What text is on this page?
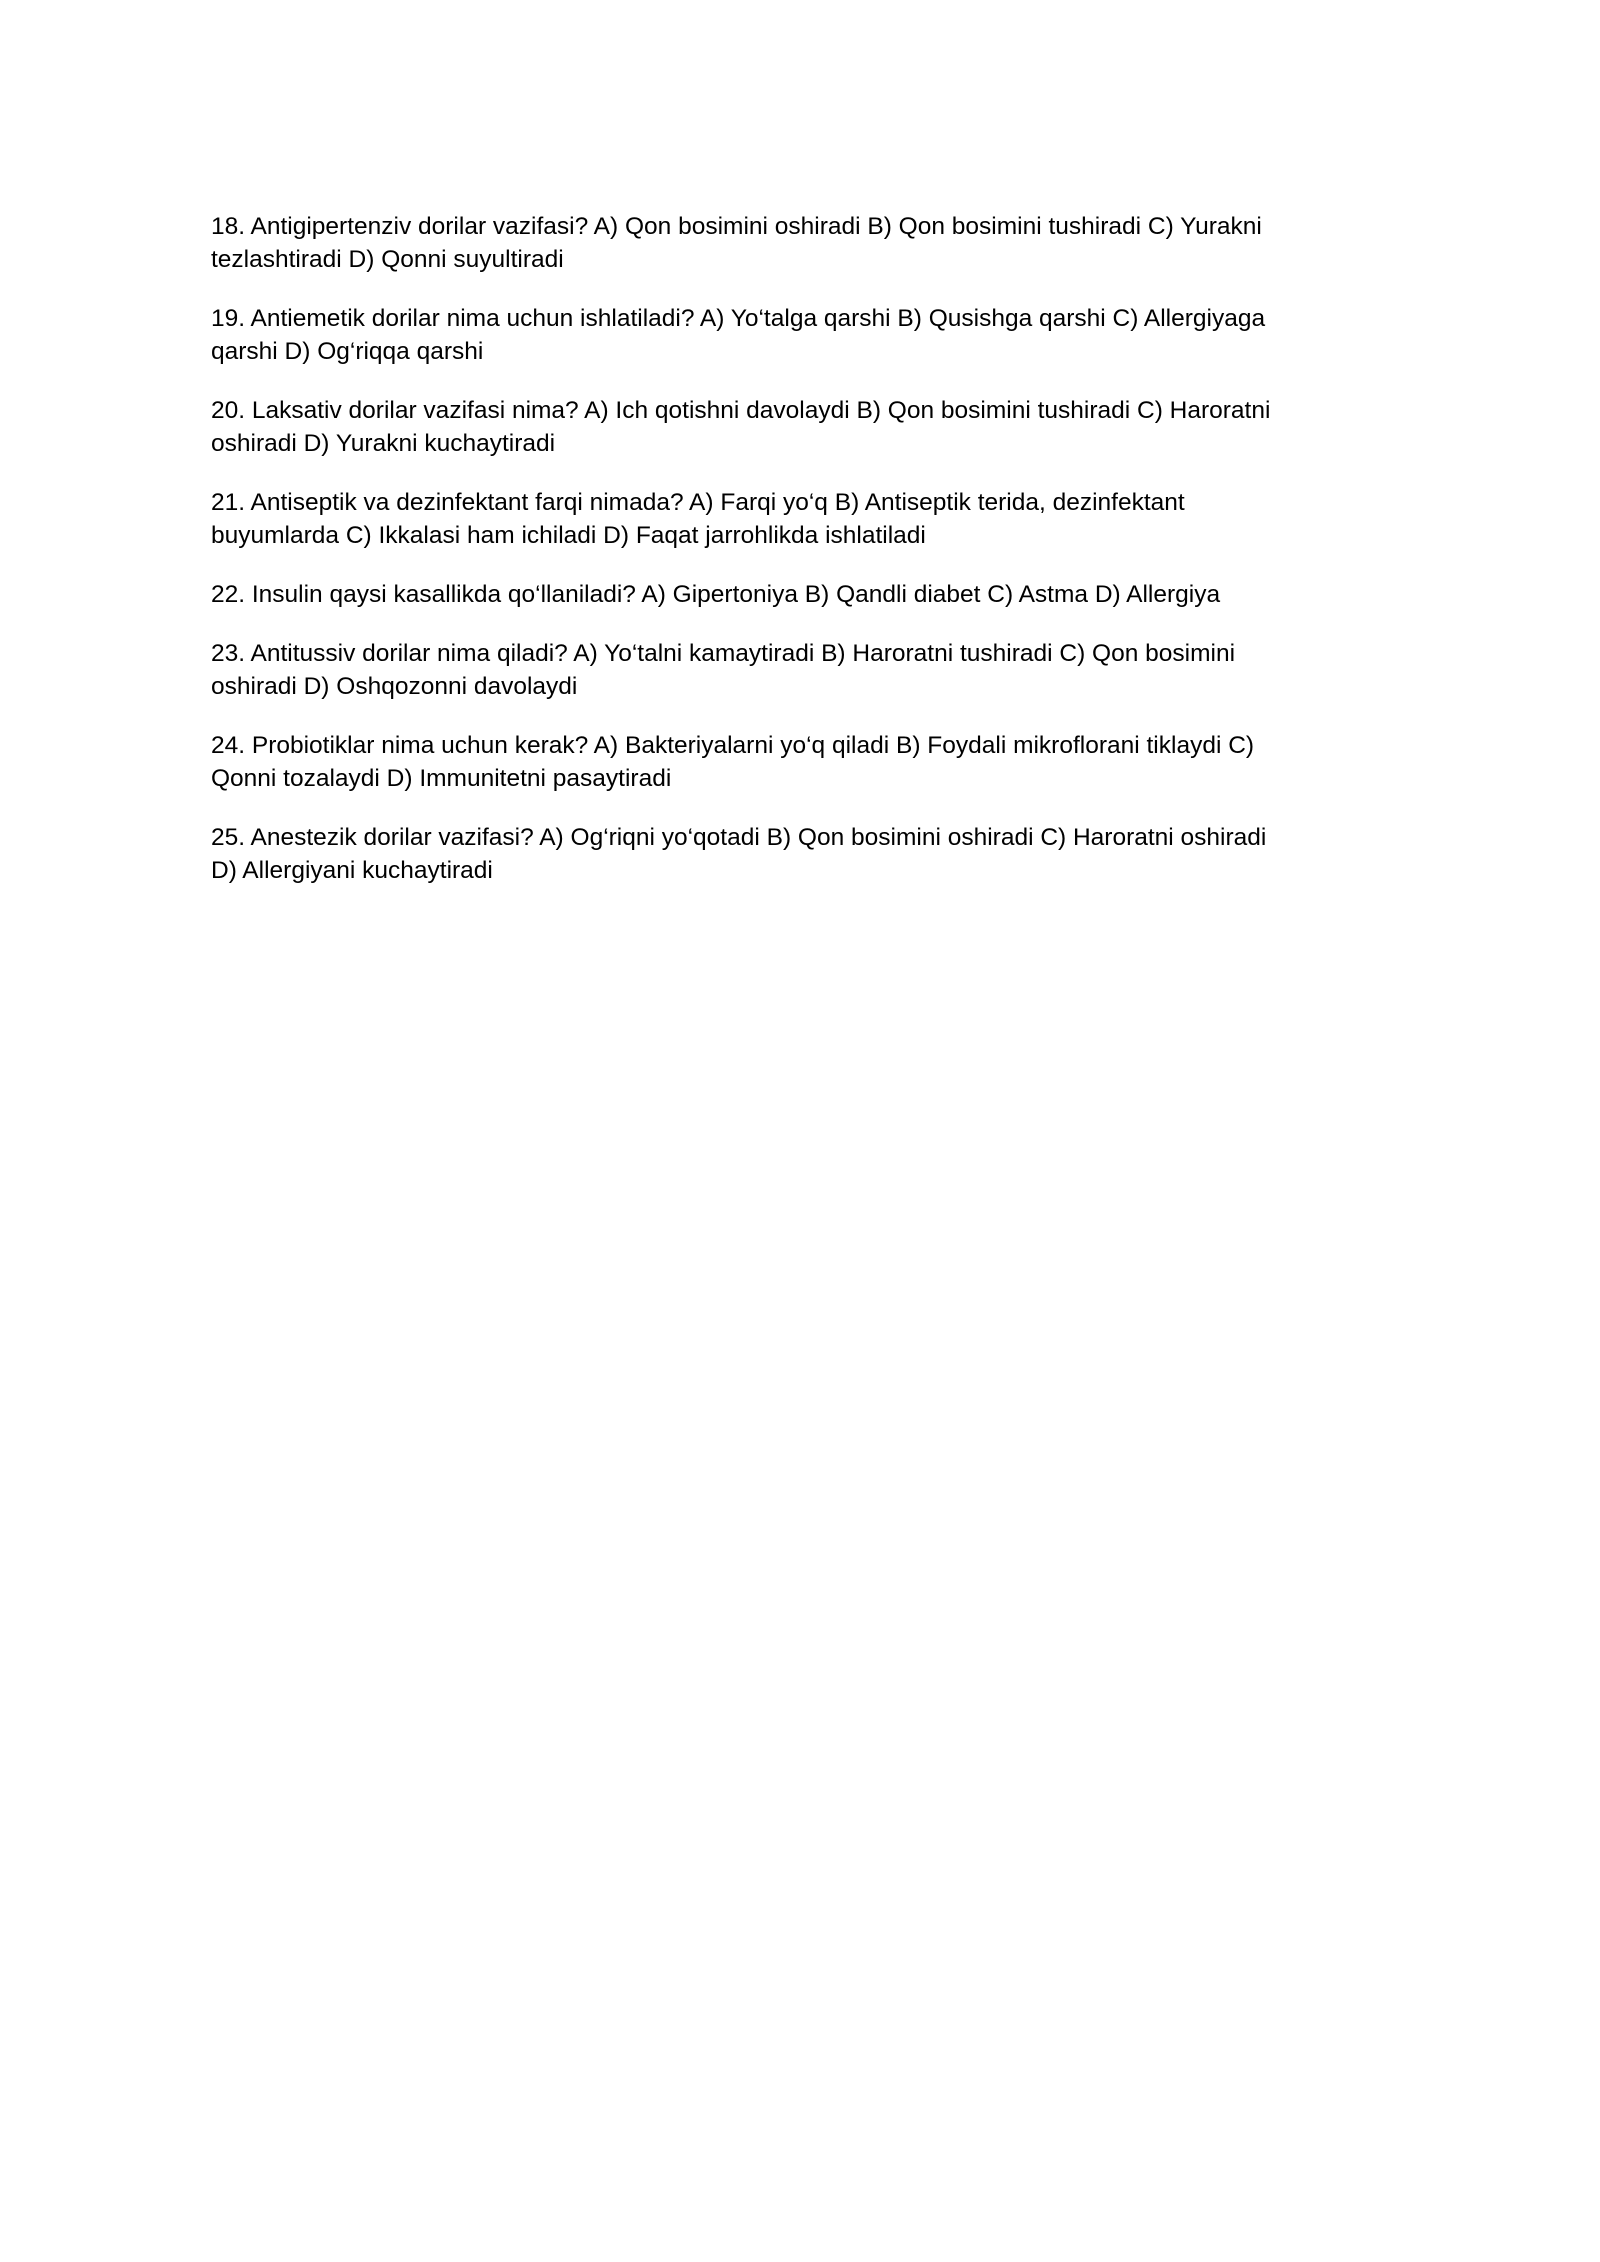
18. Antigipertenziv dorilar vazifasi? A) Qon bosimini oshiradi B) Qon bosimini tushiradi C) Yurakni
tezlashtiradi D) Qonni suyultiradi

19. Antiemetik dorilar nima uchun ishlatiladi? A) Yo‘talga qarshi B) Qusishga qarshi C) Allergiyaga
qarshi D) Og‘riqqa qarshi

20. Laksativ dorilar vazifasi nima? A) Ich qotishni davolaydi B) Qon bosimini tushiradi C) Haroratni
oshiradi D) Yurakni kuchaytiradi

21. Antiseptik va dezinfektant farqi nimada? A) Farqi yo‘q B) Antiseptik terida, dezinfektant
buyumlarda C) Ikkalasi ham ichiladi D) Faqat jarrohlikda ishlatiladi

22. Insulin qaysi kasallikda qo‘llaniladi? A) Gipertoniya B) Qandli diabet C) Astma D) Allergiya

23. Antitussiv dorilar nima qiladi? A) Yo‘talni kamaytiradi B) Haroratni tushiradi C) Qon bosimini
oshiradi D) Oshqozonni davolaydi

24. Probiotiklar nima uchun kerak? A) Bakteriyalarni yo‘q qiladi B) Foydali mikroflorani tiklaydi C)
Qonni tozalaydi D) Immunitetni pasaytiradi

25. Anestezik dorilar vazifasi? A) Og‘riqni yo‘qotadi B) Qon bosimini oshiradi C) Haroratni oshiradi
D) Allergiyani kuchaytiradi
